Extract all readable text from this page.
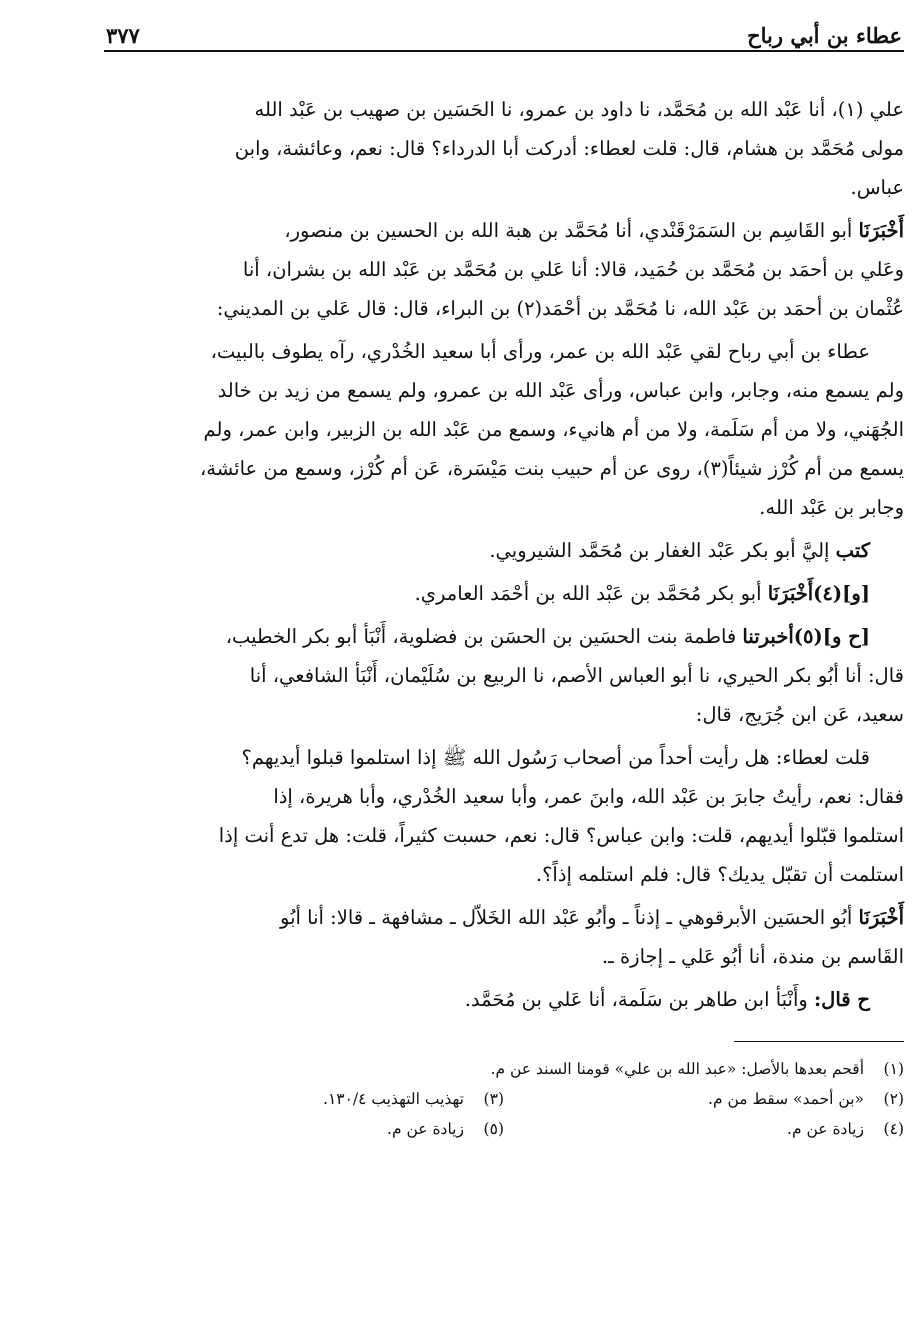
عطاء بن أبي رباح
٣٧٧

علي (١)، أنا عَبْد الله بن مُحَمَّد، نا داود بن عمرو، نا الحَسَين بن صهيب بن عَبْد الله
مولى مُحَمَّد بن هشام، قال: قلت لعطاء: أدركت أبا الدرداء؟ قال: نعم، وعائشة، وابن
عباس.

أَخْبَرَنَا أبو القَاسِم بن السَمَرْقَنْدي، أنا مُحَمَّد بن هبة الله بن الحسين بن منصور،
وعَلي بن أحمَد بن مُحَمَّد بن حُمَيد، قالا: أنا عَلي بن مُحَمَّد بن عَبْد الله بن بشران، أنا
عُثْمان بن أحمَد بن عَبْد الله، نا مُحَمَّد بن أحْمَد(٢) بن البراء، قال: قال عَلي بن المديني:

عطاء بن أبي رباح لقي عَبْد الله بن عمر، ورأى أبا سعيد الخُدْري، رآه يطوف بالبيت،
ولم يسمع منه، وجابر، وابن عباس، ورأى عَبْد الله بن عمرو، ولم يسمع من زيد بن خالد
الجُهَني، ولا من أم سَلَمة، ولا من أم هانيء، وسمع من عَبْد الله بن الزبير، وابن عمر، ولم
يسمع من أم كُرْز شيئاً(٣)، روى عن أم حبيب بنت مَيْسَرة، عَن أم كُرْز، وسمع من عائشة،
وجابر بن عَبْد الله.

كتب إليَّ أبو بكر عَبْد الغفار بن مُحَمَّد الشيرويي.

[و](٤)أَخْبَرَنَا أبو بكر مُحَمَّد بن عَبْد الله بن أحْمَد العامري.

[ح و](٥)أخبرتنا فاطمة بنت الحسَين بن الحسَن بن فضلوية، أَنْبَأ أبو بكر الخطيب،
قال: أنا أبُو بكر الحيري، نا أبو العباس الأصم، نا الربيع بن سُلَيْمان، أَنْبَأ الشافعي، أنا
سعيد، عَن ابن جُرَيج، قال:

قلت لعطاء: هل رأيت أحداً من أصحاب رَسُول الله ﷺ إذا استلموا قبلوا أيديهم؟
فقال: نعم، رأيتُ جابرَ بن عَبْد الله، وابنَ عمر، وأبا سعيد الخُدْري، وأبا هريرة، إذا
استلموا قبّلوا أيديهم، قلت: وابن عباس؟ قال: نعم، حسبت كثيراً، قلت: هل تدع أنت إذا
استلمت أن تقبّل يديك؟ قال: فلم استلمه إذاً؟.

أَخْبَرَنَا أبُو الحسَين الأبرقوهي ـ إذناً ـ وأبُو عَبْد الله الخَلاّل ـ مشافهة ـ قالا: أنا أبُو
القَاسم بن مندة، أنا أبُو عَلي ـ إجازة ـ.

ح قال: وأَنْبَأ ابن طاهر بن سَلَمة، أنا عَلي بن مُحَمَّد.

(١)
أقحم بعدها بالأصل: «عبد الله بن علي» قومنا السند عن م.
(٢)
«بن أحمد» سقط من م.
(٣)
تهذيب التهذيب ١٣٠/٤.
(٤)
زيادة عن م.
(٥)
زيادة عن م.
